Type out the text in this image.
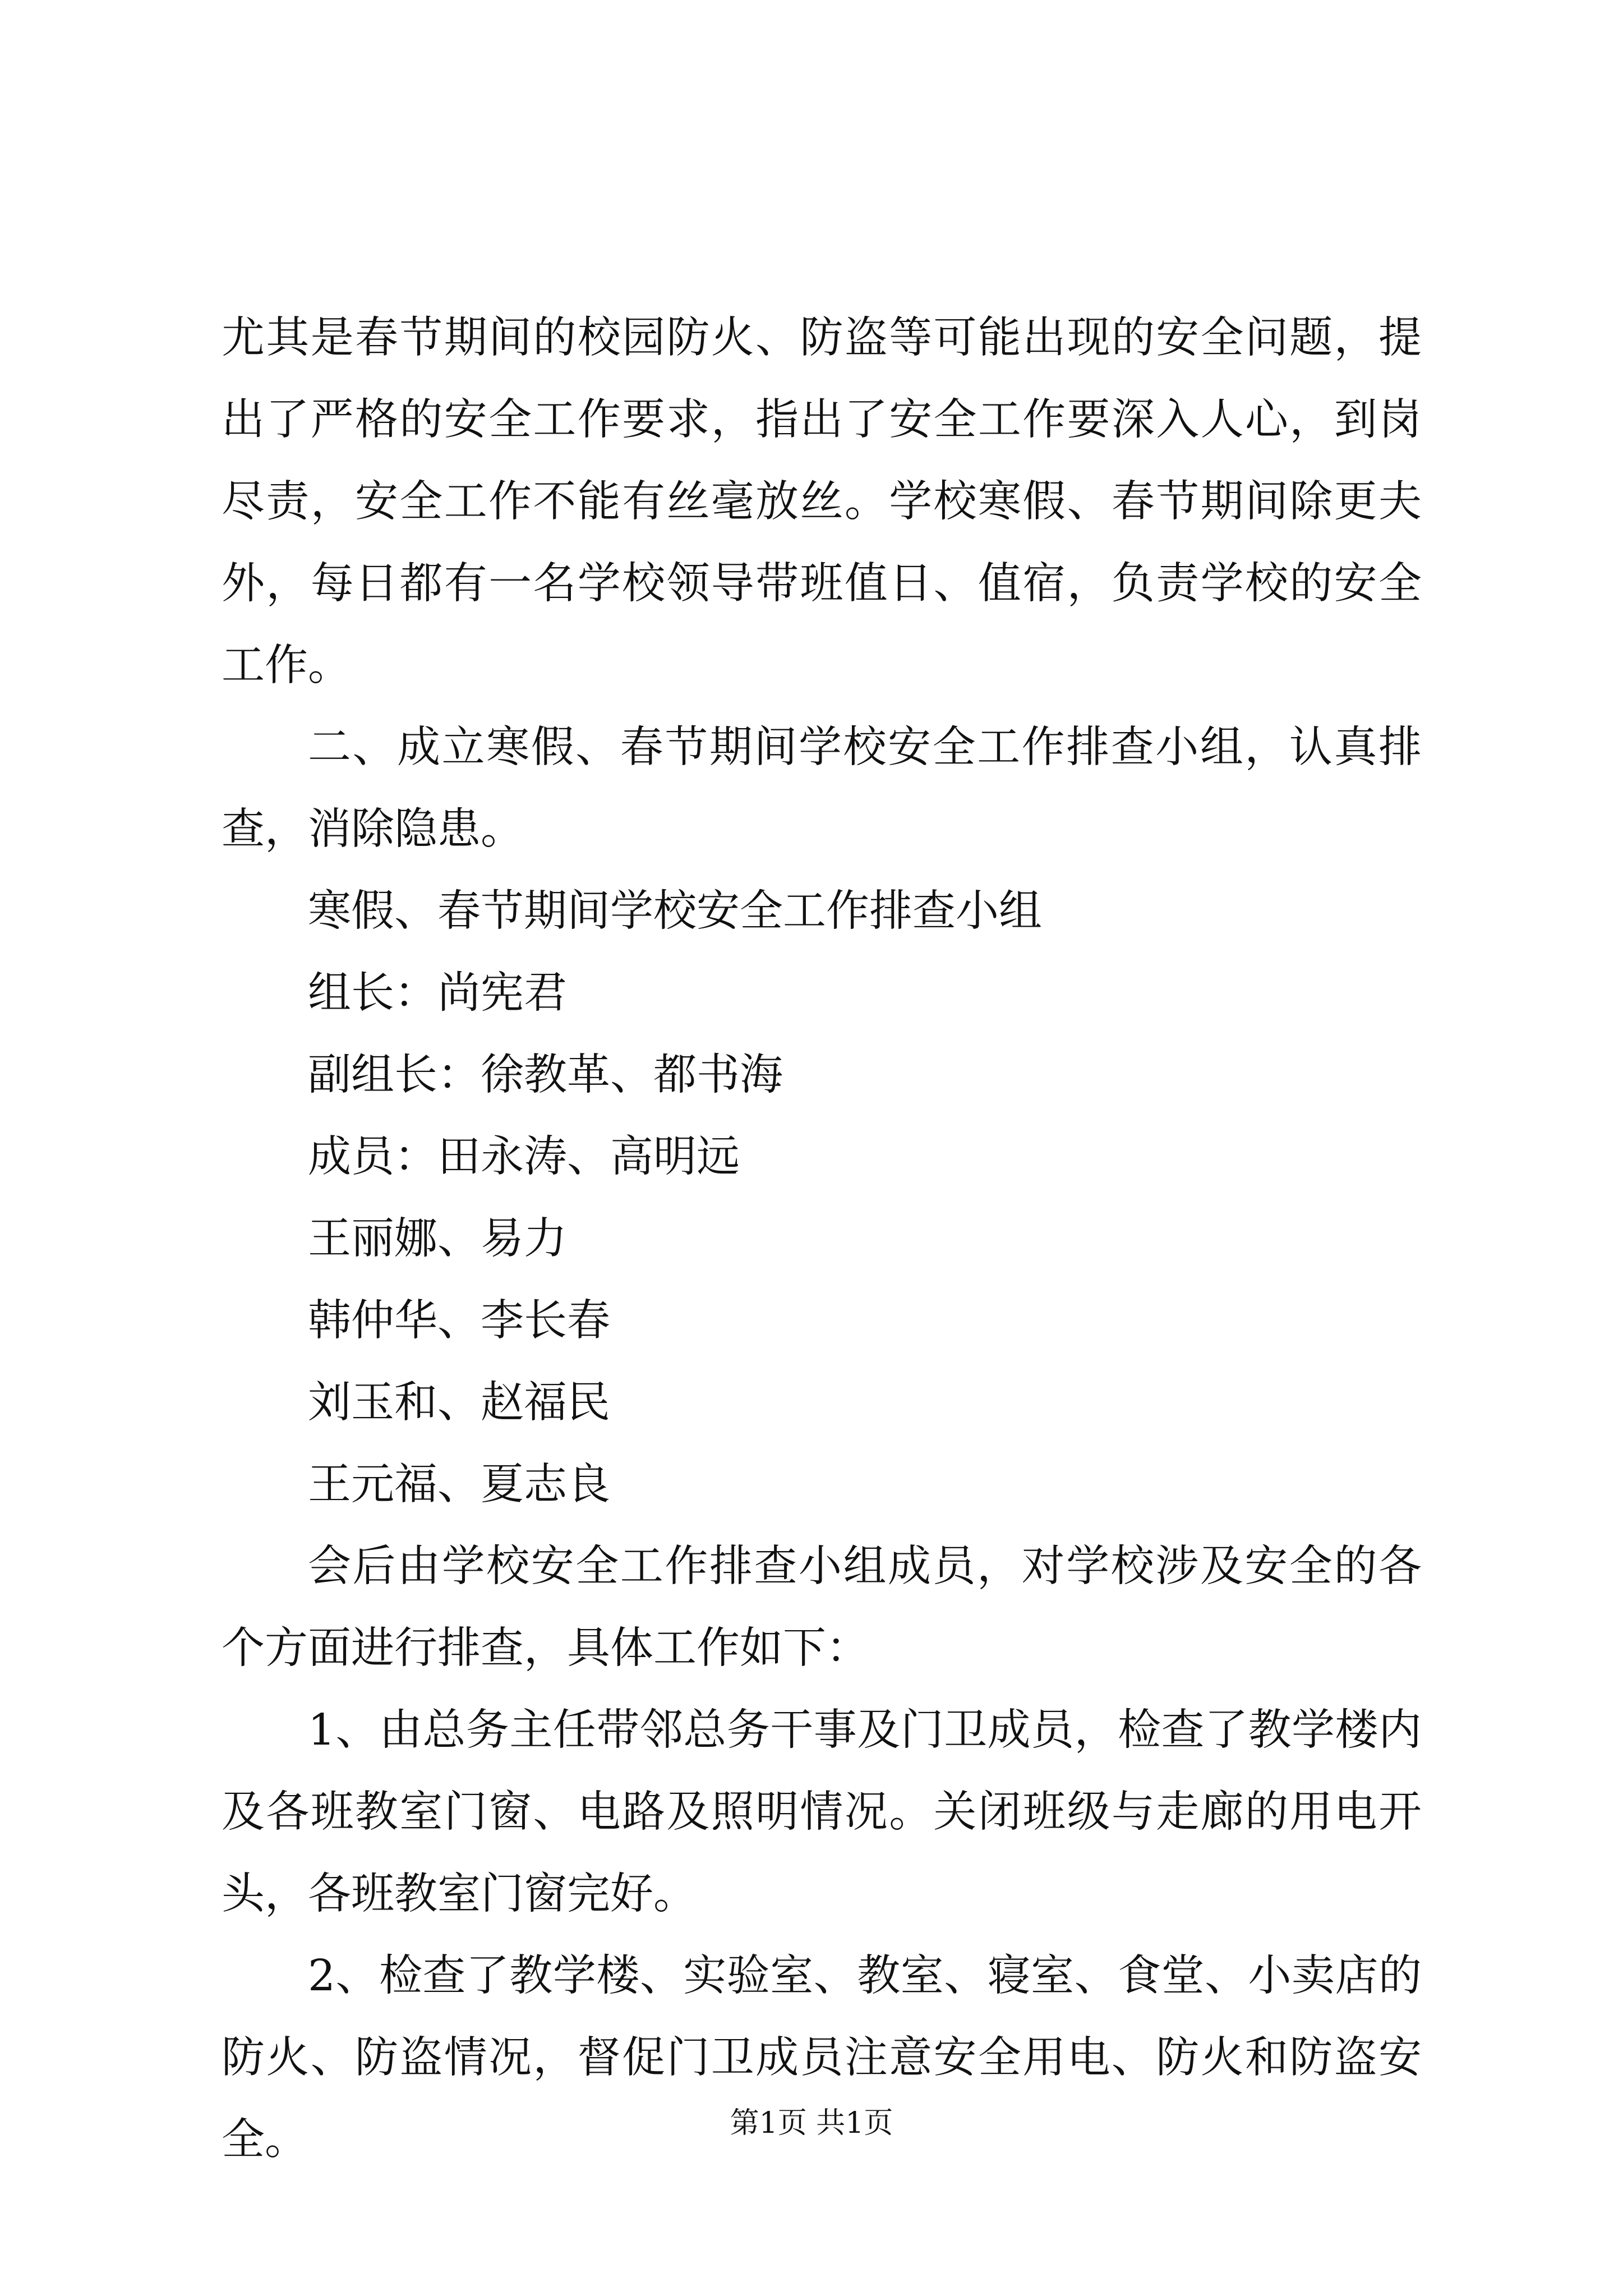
尤其是春节期间的校园防火、防盗等可能出现的安全问题，提出了严格的安全工作要求，指出了安全工作要深入人心，到岗尽责，安全工作不能有丝毫放丝。学校寒假、春节期间除更夫外，每日都有一名学校领导带班值日、值宿，负责学校的安全工作。

二、成立寒假、春节期间学校安全工作排查小组，认真排查，消除隐患。

寒假、春节期间学校安全工作排查小组

组长：尚宪君

副组长：徐教革、都书海

成员：田永涛、高明远

王丽娜、易力

韩仲华、李长春

刘玉和、赵福民

王元福、夏志良

会后由学校安全工作排查小组成员，对学校涉及安全的各个方面进行排查，具体工作如下：

1、由总务主任带邻总务干事及门卫成员，检查了教学楼内及各班教室门窗、电路及照明情况。关闭班级与走廊的用电开头，各班教室门窗完好。

2、检查了教学楼、实验室、教室、寝室、食堂、小卖店的防火、防盗情况，督促门卫成员注意安全用电、防火和防盗安全。	第1页 共1页
